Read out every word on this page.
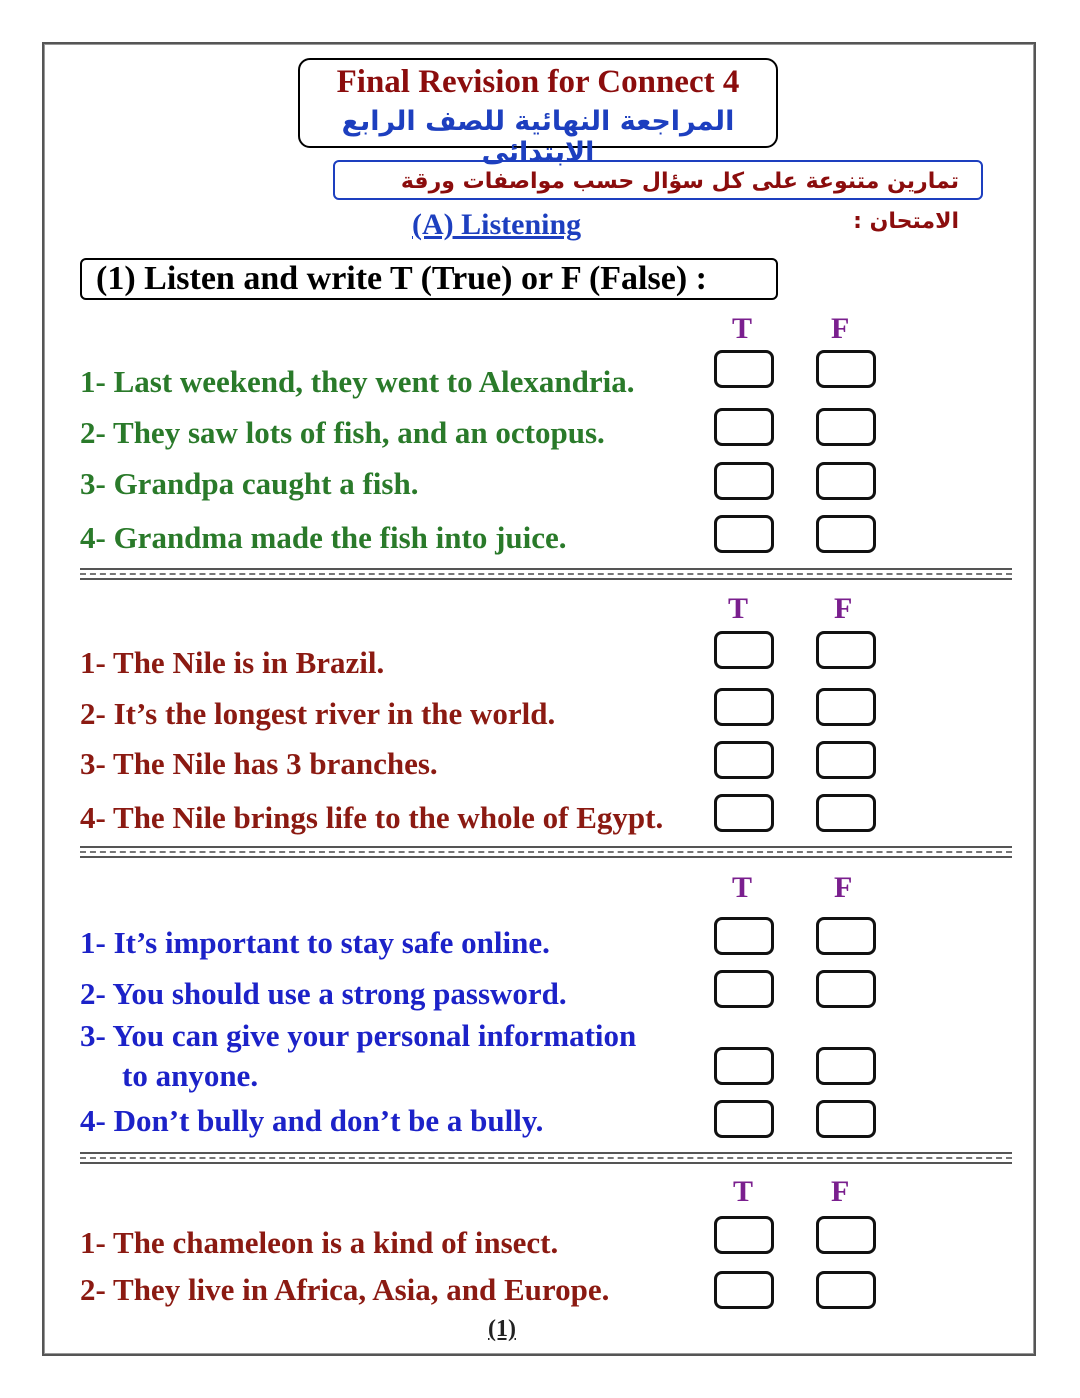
Final Revision for Connect 4
المراجعة النهائية للصف الرابع الابتدائى
تمارين متنوعة على كل سؤال حسب مواصفات ورقة الامتحان :
(A) Listening
(1) Listen and write T (True) or F (False) :
T	F
1- Last weekend, they went to Alexandria.
2- They saw lots of fish, and an octopus.
3- Grandpa caught a fish.
4- Grandma made the fish into juice.
T	F
1- The Nile is in Brazil.
2- It’s the longest river in the world.
3- The Nile has 3 branches.
4- The Nile brings life to the whole of Egypt.
T	F
1- It’s important to stay safe online.
2- You should use a strong password.
3- You can give your personal information
to anyone.
4- Don’t bully and don’t be a bully.
T	F
1- The chameleon is a kind of insect.
2- They live in Africa, Asia, and Europe.
(1)
